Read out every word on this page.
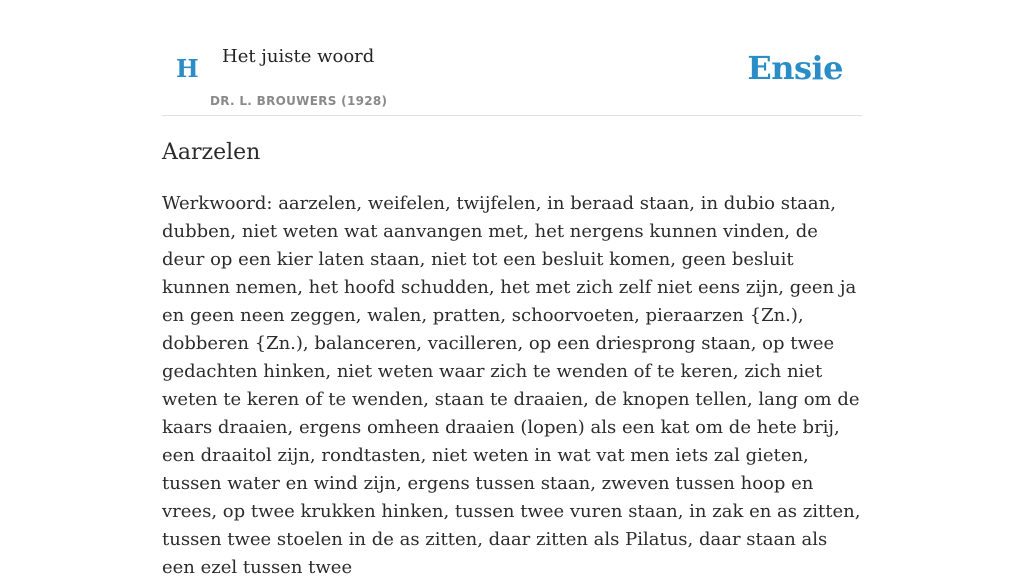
H Het juiste woord
DR. L. BROUWERS (1928)
Ensie
Aarzelen

Werkwoord: aarzelen, weifelen, twijfelen, in beraad staan, in dubio staan, dubben, niet weten wat aanvangen met, het nergens kunnen vinden, de deur op een kier laten staan, niet tot een besluit komen, geen besluit kunnen nemen, het hoofd schudden, het met zich zelf niet eens zijn, geen ja en geen neen zeggen, walen, pratten, schoorvoeten, pieraarzen {Zn.), dobberen {Zn.), balanceren, vacilleren, op een driesprong staan, op twee gedachten hinken, niet weten waar zich te wenden of te keren, zich niet weten te keren of te wenden, staan te draaien, de knopen tellen, lang om de kaars draaien, ergens omheen draaien (lopen) als een kat om de hete brij, een draaitol zijn, rondtasten, niet weten in wat vat men iets zal gieten, tussen water en wind zijn, ergens tussen staan, zweven tussen hoop en vrees, op twee krukken hinken, tussen twee vuren staan, in zak en as zitten, tussen twee stoelen in de as zitten, daar zitten als Pilatus, daar staan als een ezel tussen twee
